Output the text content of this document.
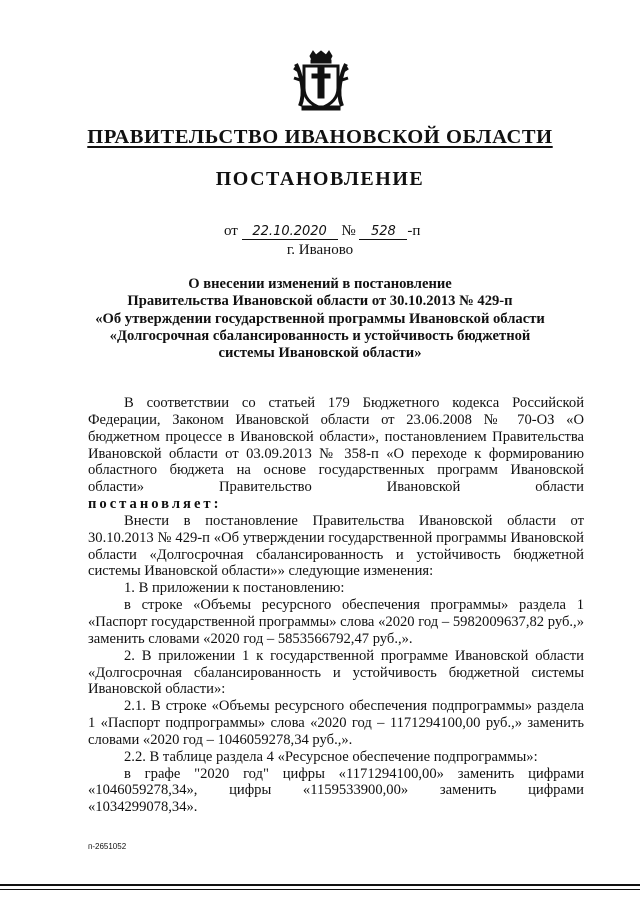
ПРАВИТЕЛЬСТВО ИВАНОВСКОЙ ОБЛАСТИ
ПОСТАНОВЛЕНИЕ
от 22.10.2020 № 528 -п
г. Иваново
О внесении изменений в постановление
Правительства Ивановской области от 30.10.2013 № 429-п
«Об утверждении государственной программы Ивановской области
«Долгосрочная сбалансированность и устойчивость бюджетной
системы Ивановской области»

В соответствии со статьей 179 Бюджетного кодекса Российской Федерации, Законом Ивановской области от 23.06.2008 № 70-ОЗ «О бюджетном процессе в Ивановской области», постановлением Правительства Ивановской области от 03.09.2013 № 358-п «О переходе к формированию областного бюджета на основе государственных программ Ивановской области» Правительство Ивановской области

постановляет:

Внести в постановление Правительства Ивановской области от 30.10.2013 № 429-п «Об утверждении государственной программы Ивановской области «Долгосрочная сбалансированность и устойчивость бюджетной системы Ивановской области»» следующие изменения:

1. В приложении к постановлению:

в строке «Объемы ресурсного обеспечения программы» раздела 1 «Паспорт государственной программы» слова «2020 год – 5982009637,82 руб.,» заменить словами «2020 год – 5853566792,47 руб.,».

2. В приложении 1 к государственной программе Ивановской области «Долгосрочная сбалансированность и устойчивость бюджетной системы Ивановской области»:

2.1. В строке «Объемы ресурсного обеспечения подпрограммы» раздела 1 «Паспорт подпрограммы» слова «2020 год – 1171294100,00 руб.,» заменить словами «2020 год – 1046059278,34 руб.,».

2.2. В таблице раздела 4 «Ресурсное обеспечение подпрограммы»:

в графе "2020 год" цифры «1171294100,00» заменить цифрами «1046059278,34», цифры «1159533900,00» заменить цифрами «1034299078,34».

п-2651052
